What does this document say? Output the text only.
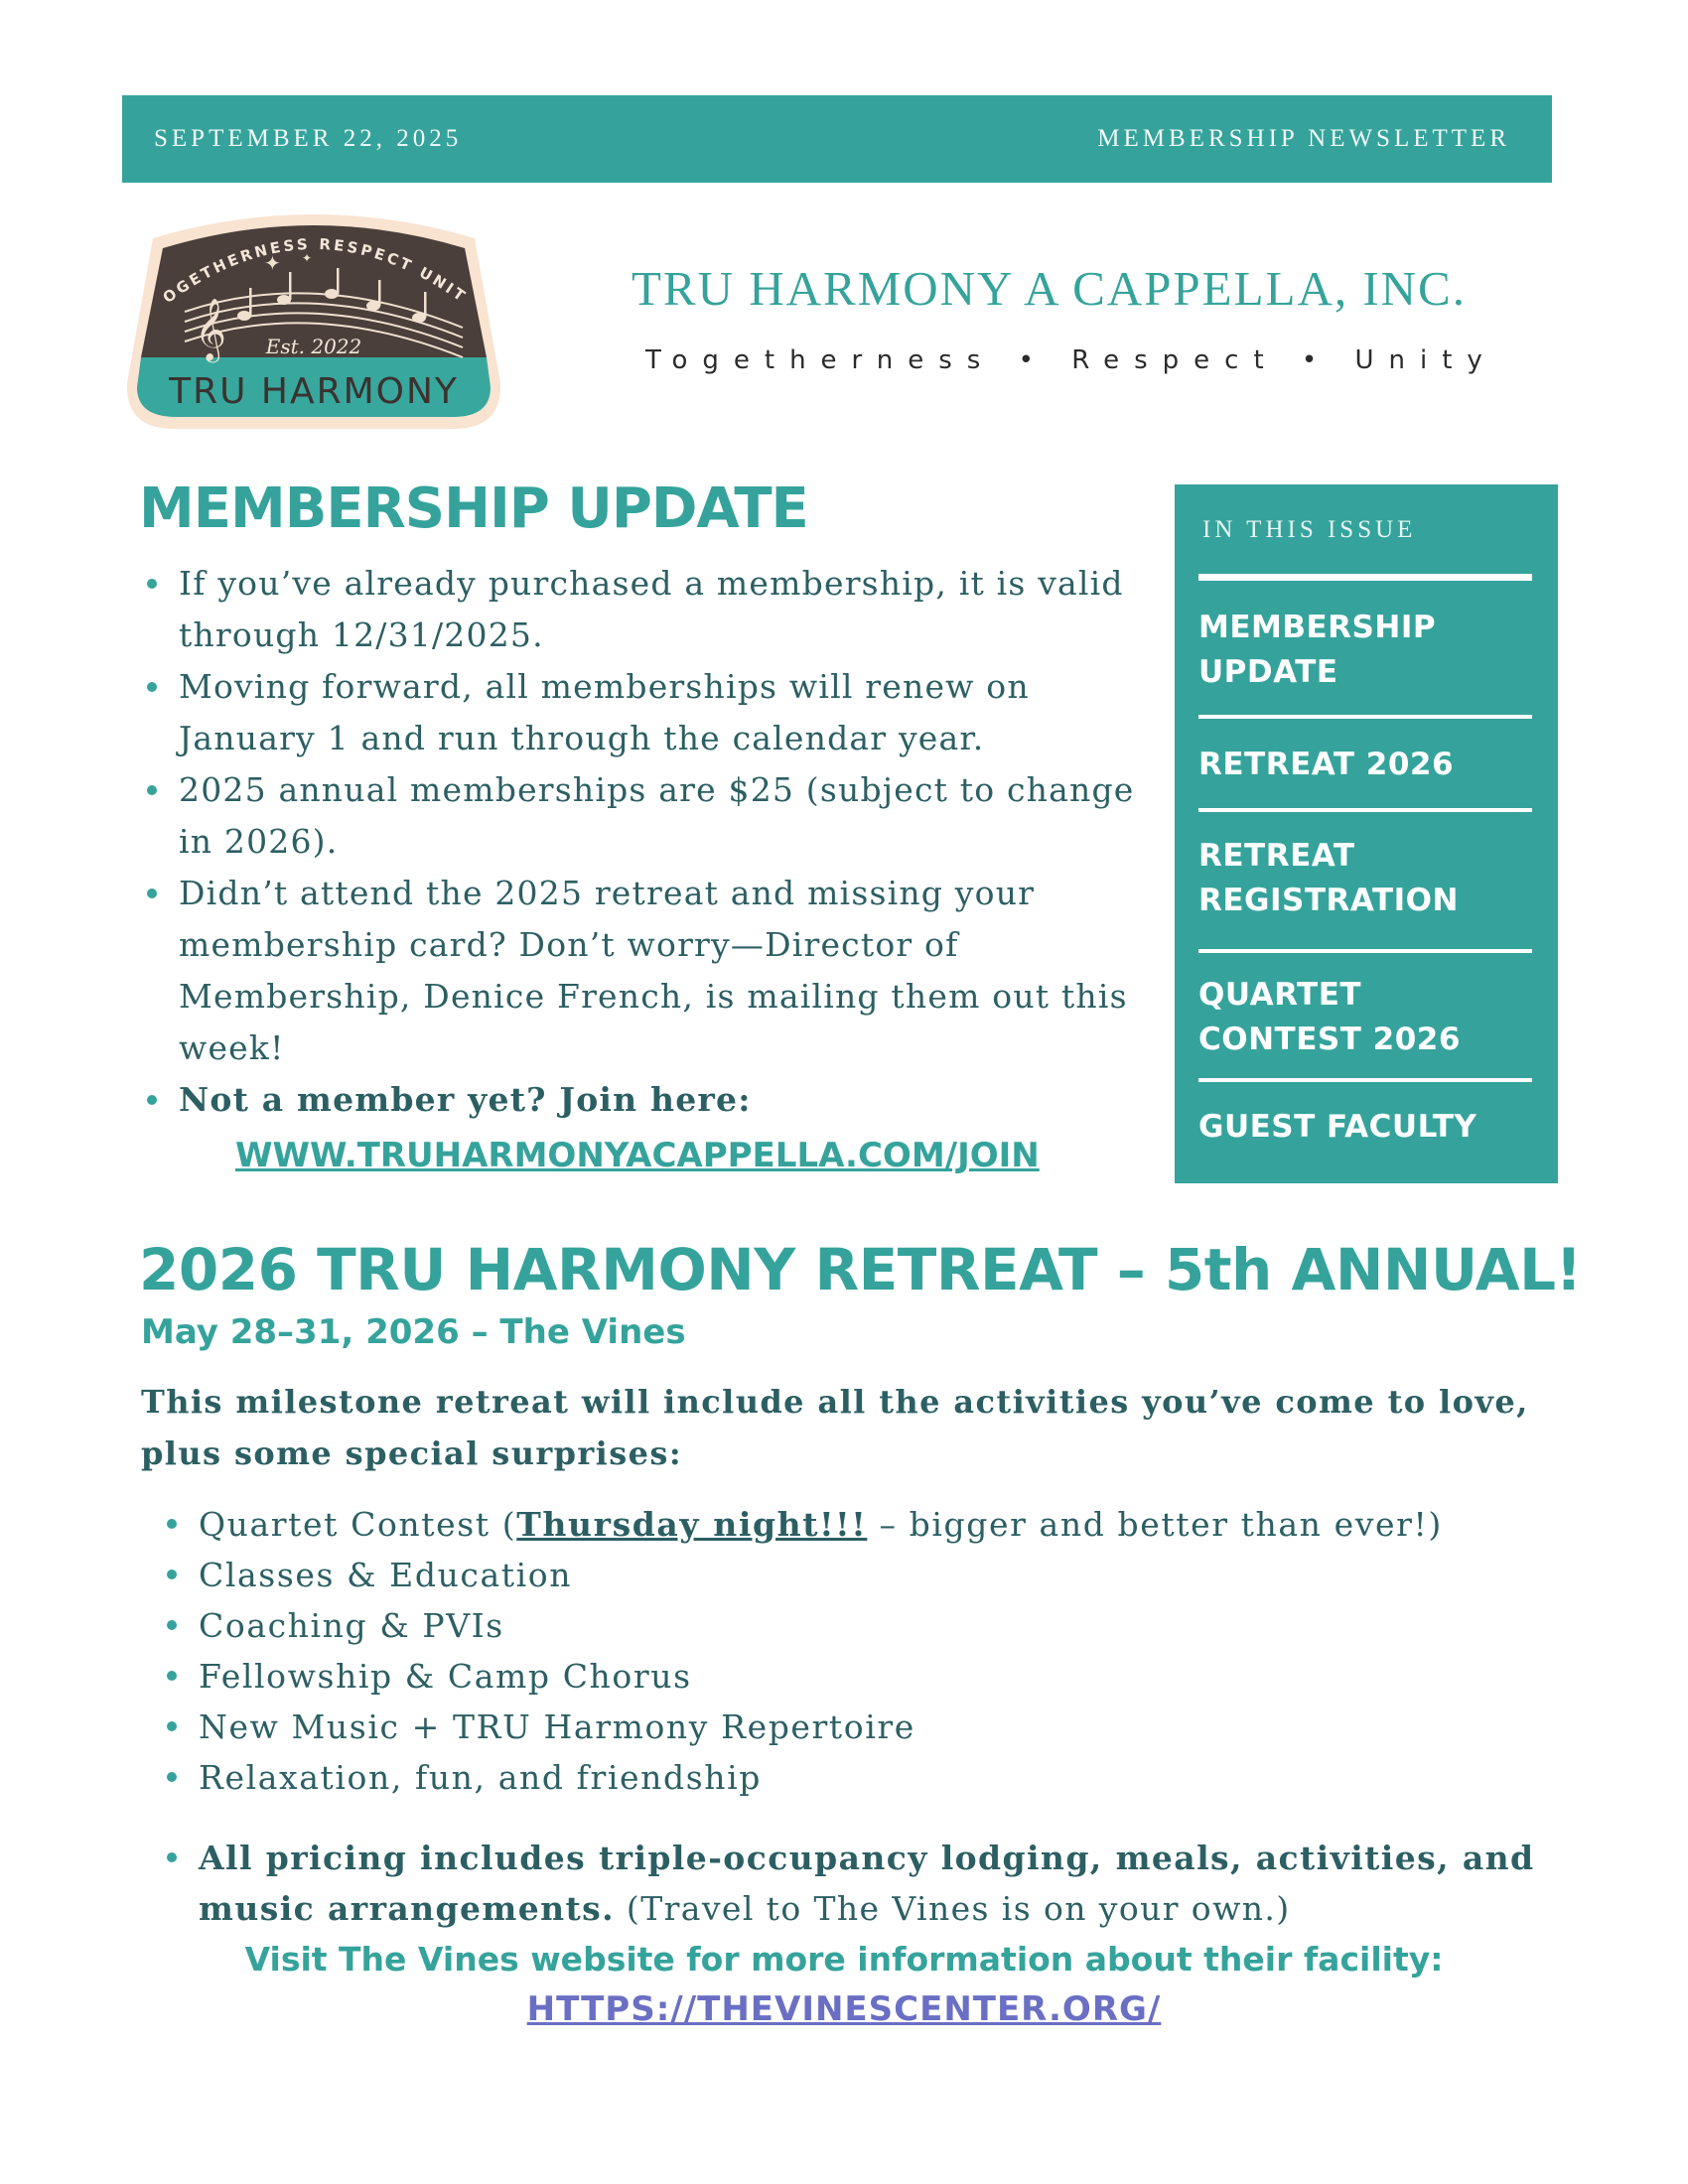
SEPTEMBER 22, 2025	MEMBERSHIP NEWSLETTER
OGETHERNESS RESPECT UNIT
𝄞
✦ ✦
Est. 2022
TRU HARMONY
TRU HARMONY A CAPPELLA, INC.
Togetherness • Respect • Unity
MEMBERSHIP UPDATE
If you’ve already purchased a membership, it is valid through 12/31/2025.
Moving forward, all memberships will renew on January 1 and run through the calendar year.
2025 annual memberships are $25 (subject to change in 2026).
Didn’t attend the 2025 retreat and missing your membership card? Don’t worry—Director of Membership, Denice French, is mailing them out this week!
Not a member yet? Join here:
WWW.TRUHARMONYACAPPELLA.COM/JOIN
IN THIS ISSUE
MEMBERSHIP UPDATE
RETREAT 2026
RETREAT REGISTRATION
QUARTET CONTEST 2026
GUEST FACULTY
2026 TRU HARMONY RETREAT – 5th ANNUAL!
May 28–31, 2026 – The Vines
This milestone retreat will include all the activities you’ve come to love, plus some special surprises:
Quartet Contest (Thursday night!!! – bigger and better than ever!)
Classes & Education
Coaching & PVIs
Fellowship & Camp Chorus
New Music + TRU Harmony Repertoire
Relaxation, fun, and friendship
All pricing includes triple-occupancy lodging, meals, activities, and music arrangements. (Travel to The Vines is on your own.)
Visit The Vines website for more information about their facility:
HTTPS://THEVINESCENTER.ORG/
